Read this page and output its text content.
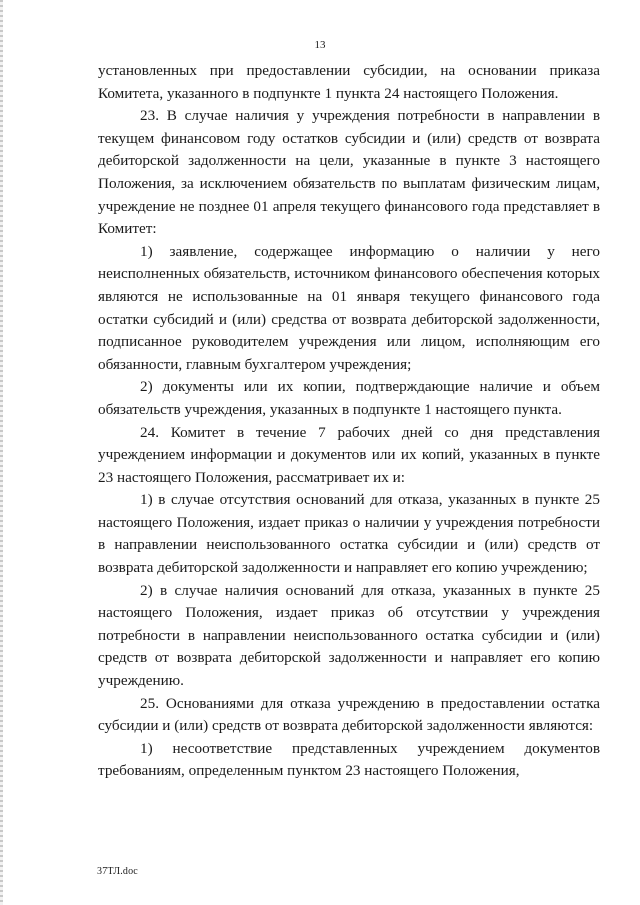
13

установленных при предоставлении субсидии, на основании приказа Комитета, указанного в подпункте 1 пункта 24 настоящего Положения.

23. В случае наличия у учреждения потребности в направлении в текущем финансовом году остатков субсидии и (или) средств от возврата дебиторской задолженности на цели, указанные в пункте 3 настоящего Положения, за исключением обязательств по выплатам физическим лицам, учреждение не позднее 01 апреля текущего финансового года представляет в Комитет:

1) заявление, содержащее информацию о наличии у него неисполненных обязательств, источником финансового обеспечения которых являются не использованные на 01 января текущего финансового года остатки субсидий и (или) средства от возврата дебиторской задолженности, подписанное руководителем учреждения или лицом, исполняющим его обязанности, главным бухгалтером учреждения;

2) документы или их копии, подтверждающие наличие и объем обязательств учреждения, указанных в подпункте 1 настоящего пункта.

24. Комитет в течение 7 рабочих дней со дня представления учреждением информации и документов или их копий, указанных в пункте 23 настоящего Положения, рассматривает их и:

1) в случае отсутствия оснований для отказа, указанных в пункте 25 настоящего Положения, издает приказ о наличии у учреждения потребности в направлении неиспользованного остатка субсидии и (или) средств от возврата дебиторской задолженности и направляет его копию учреждению;

2) в случае наличия оснований для отказа, указанных в пункте 25 настоящего Положения, издает приказ об отсутствии у учреждения потребности в направлении неиспользованного остатка субсидии и (или) средств от возврата дебиторской задолженности и направляет его копию учреждению.

25. Основаниями для отказа учреждению в предоставлении остатка субсидии и (или) средств от возврата дебиторской задолженности являются:

1) несоответствие представленных учреждением документов требованиям, определенным пунктом 23 настоящего Положения,

37ТЛ.doc
